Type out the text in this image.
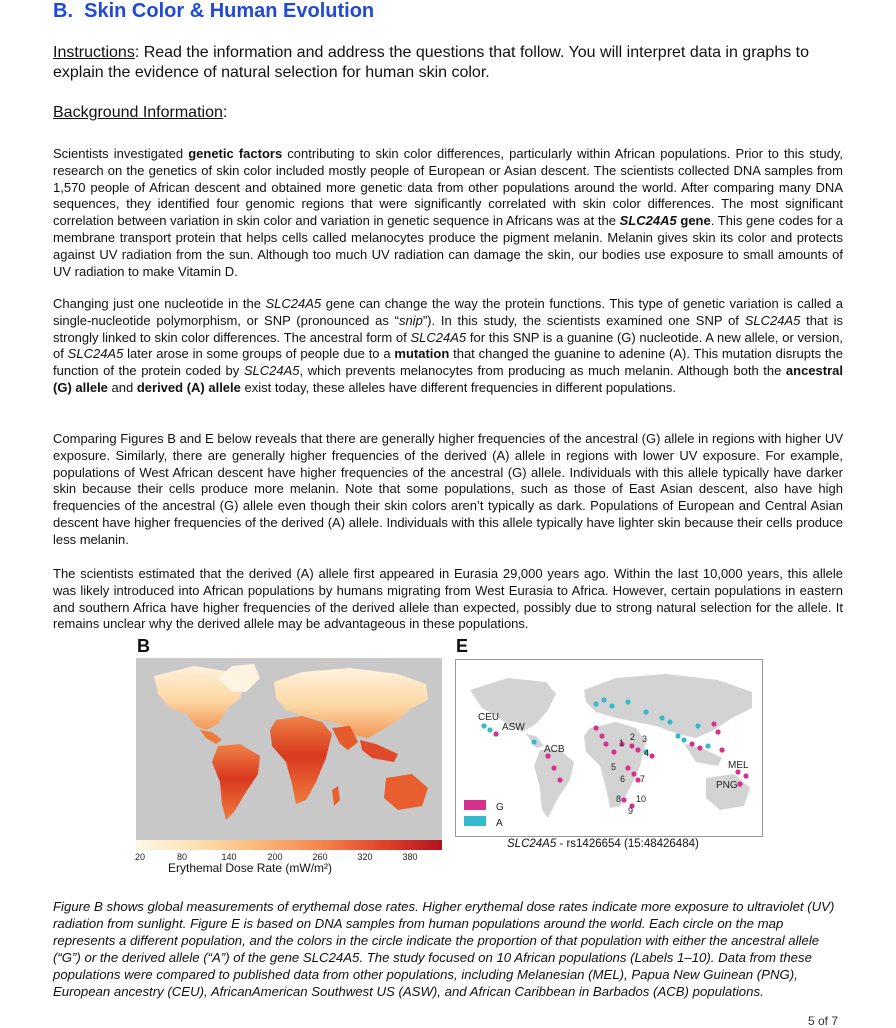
B. Skin Color & Human Evolution
Instructions: Read the information and address the questions that follow. You will interpret data in graphs to explain the evidence of natural selection for human skin color.
Background Information:
Scientists investigated genetic factors contributing to skin color differences, particularly within African populations. Prior to this study, research on the genetics of skin color included mostly people of European or Asian descent. The scientists collected DNA samples from 1,570 people of African descent and obtained more genetic data from other populations around the world. After comparing many DNA sequences, they identified four genomic regions that were significantly correlated with skin color differences. The most significant correlation between variation in skin color and variation in genetic sequence in Africans was at the SLC24A5 gene. This gene codes for a membrane transport protein that helps cells called melanocytes produce the pigment melanin. Melanin gives skin its color and protects against UV radiation from the sun. Although too much UV radiation can damage the skin, our bodies use exposure to small amounts of UV radiation to make Vitamin D.
Changing just one nucleotide in the SLC24A5 gene can change the way the protein functions. This type of genetic variation is called a single-nucleotide polymorphism, or SNP (pronounced as “snip”). In this study, the scientists examined one SNP of SLC24A5 that is strongly linked to skin color differences. The ancestral form of SLC24A5 for this SNP is a guanine (G) nucleotide. A new allele, or version, of SLC24A5 later arose in some groups of people due to a mutation that changed the guanine to adenine (A). This mutation disrupts the function of the protein coded by SLC24A5, which prevents melanocytes from producing as much melanin. Although both the ancestral (G) allele and derived (A) allele exist today, these alleles have different frequencies in different populations.
Comparing Figures B and E below reveals that there are generally higher frequencies of the ancestral (G) allele in regions with higher UV exposure. Similarly, there are generally higher frequencies of the derived (A) allele in regions with lower UV exposure. For example, populations of West African descent have higher frequencies of the ancestral (G) allele. Individuals with this allele typically have darker skin because their cells produce more melanin. Note that some populations, such as those of East Asian descent, also have high frequencies of the ancestral (G) allele even though their skin colors aren’t typically as dark. Populations of European and Central Asian descent have higher frequencies of the derived (A) allele. Individuals with this allele typically have lighter skin because their cells produce less melanin.
The scientists estimated that the derived (A) allele first appeared in Eurasia 29,000 years ago. Within the last 10,000 years, this allele was likely introduced into African populations by humans migrating from West Eurasia to Africa. However, certain populations in eastern and southern Africa have higher frequencies of the derived allele than expected, possibly due to strong natural selection for the allele. It remains unclear why the derived allele may be advantageous in these populations.
B	E
20	80	140	200	260	320	380
Erythemal Dose Rate (mW/m²)
CEU
ASW
ACB
MEL
PNG
1
2 3
4
5
6 7
8
9
10
G
A
SLC24A5 - rs1426654 (15:48426484)
Figure B shows global measurements of erythemal dose rates. Higher erythemal dose rates indicate more exposure to ultraviolet (UV) radiation from sunlight. Figure E is based on DNA samples from human populations around the world. Each circle on the map represents a different population, and the colors in the circle indicate the proportion of that population with either the ancestral allele (“G”) or the derived allele (“A”) of the gene SLC24A5. The study focused on 10 African populations (Labels 1–10). Data from these populations were compared to published data from other populations, including Melanesian (MEL), Papua New Guinean (PNG), European ancestry (CEU), AfricanAmerican Southwest US (ASW), and African Caribbean in Barbados (ACB) populations.
5 of 7
